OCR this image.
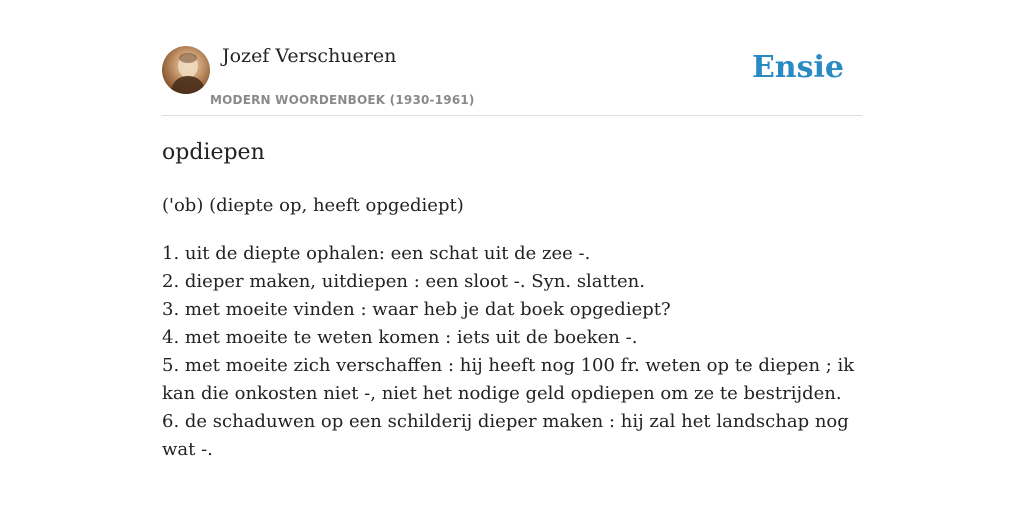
Jozef Verschueren
MODERN WOORDENBOEK (1930-1961)
Ensie
opdiepen
('ob) (diepte op, heeft opgediept)
1. uit de diepte ophalen: een schat uit de zee -.
2. dieper maken, uitdiepen : een sloot -. Syn. slatten.
3. met moeite vinden : waar heb je dat boek opgediept?
4. met moeite te weten komen : iets uit de boeken -.
5. met moeite zich verschaffen : hij heeft nog 100 fr. weten op te diepen ; ik kan die onkosten niet -, niet het nodige geld opdiepen om ze te bestrijden.
6. de schaduwen op een schilderij dieper maken : hij zal het landschap nog wat -.
